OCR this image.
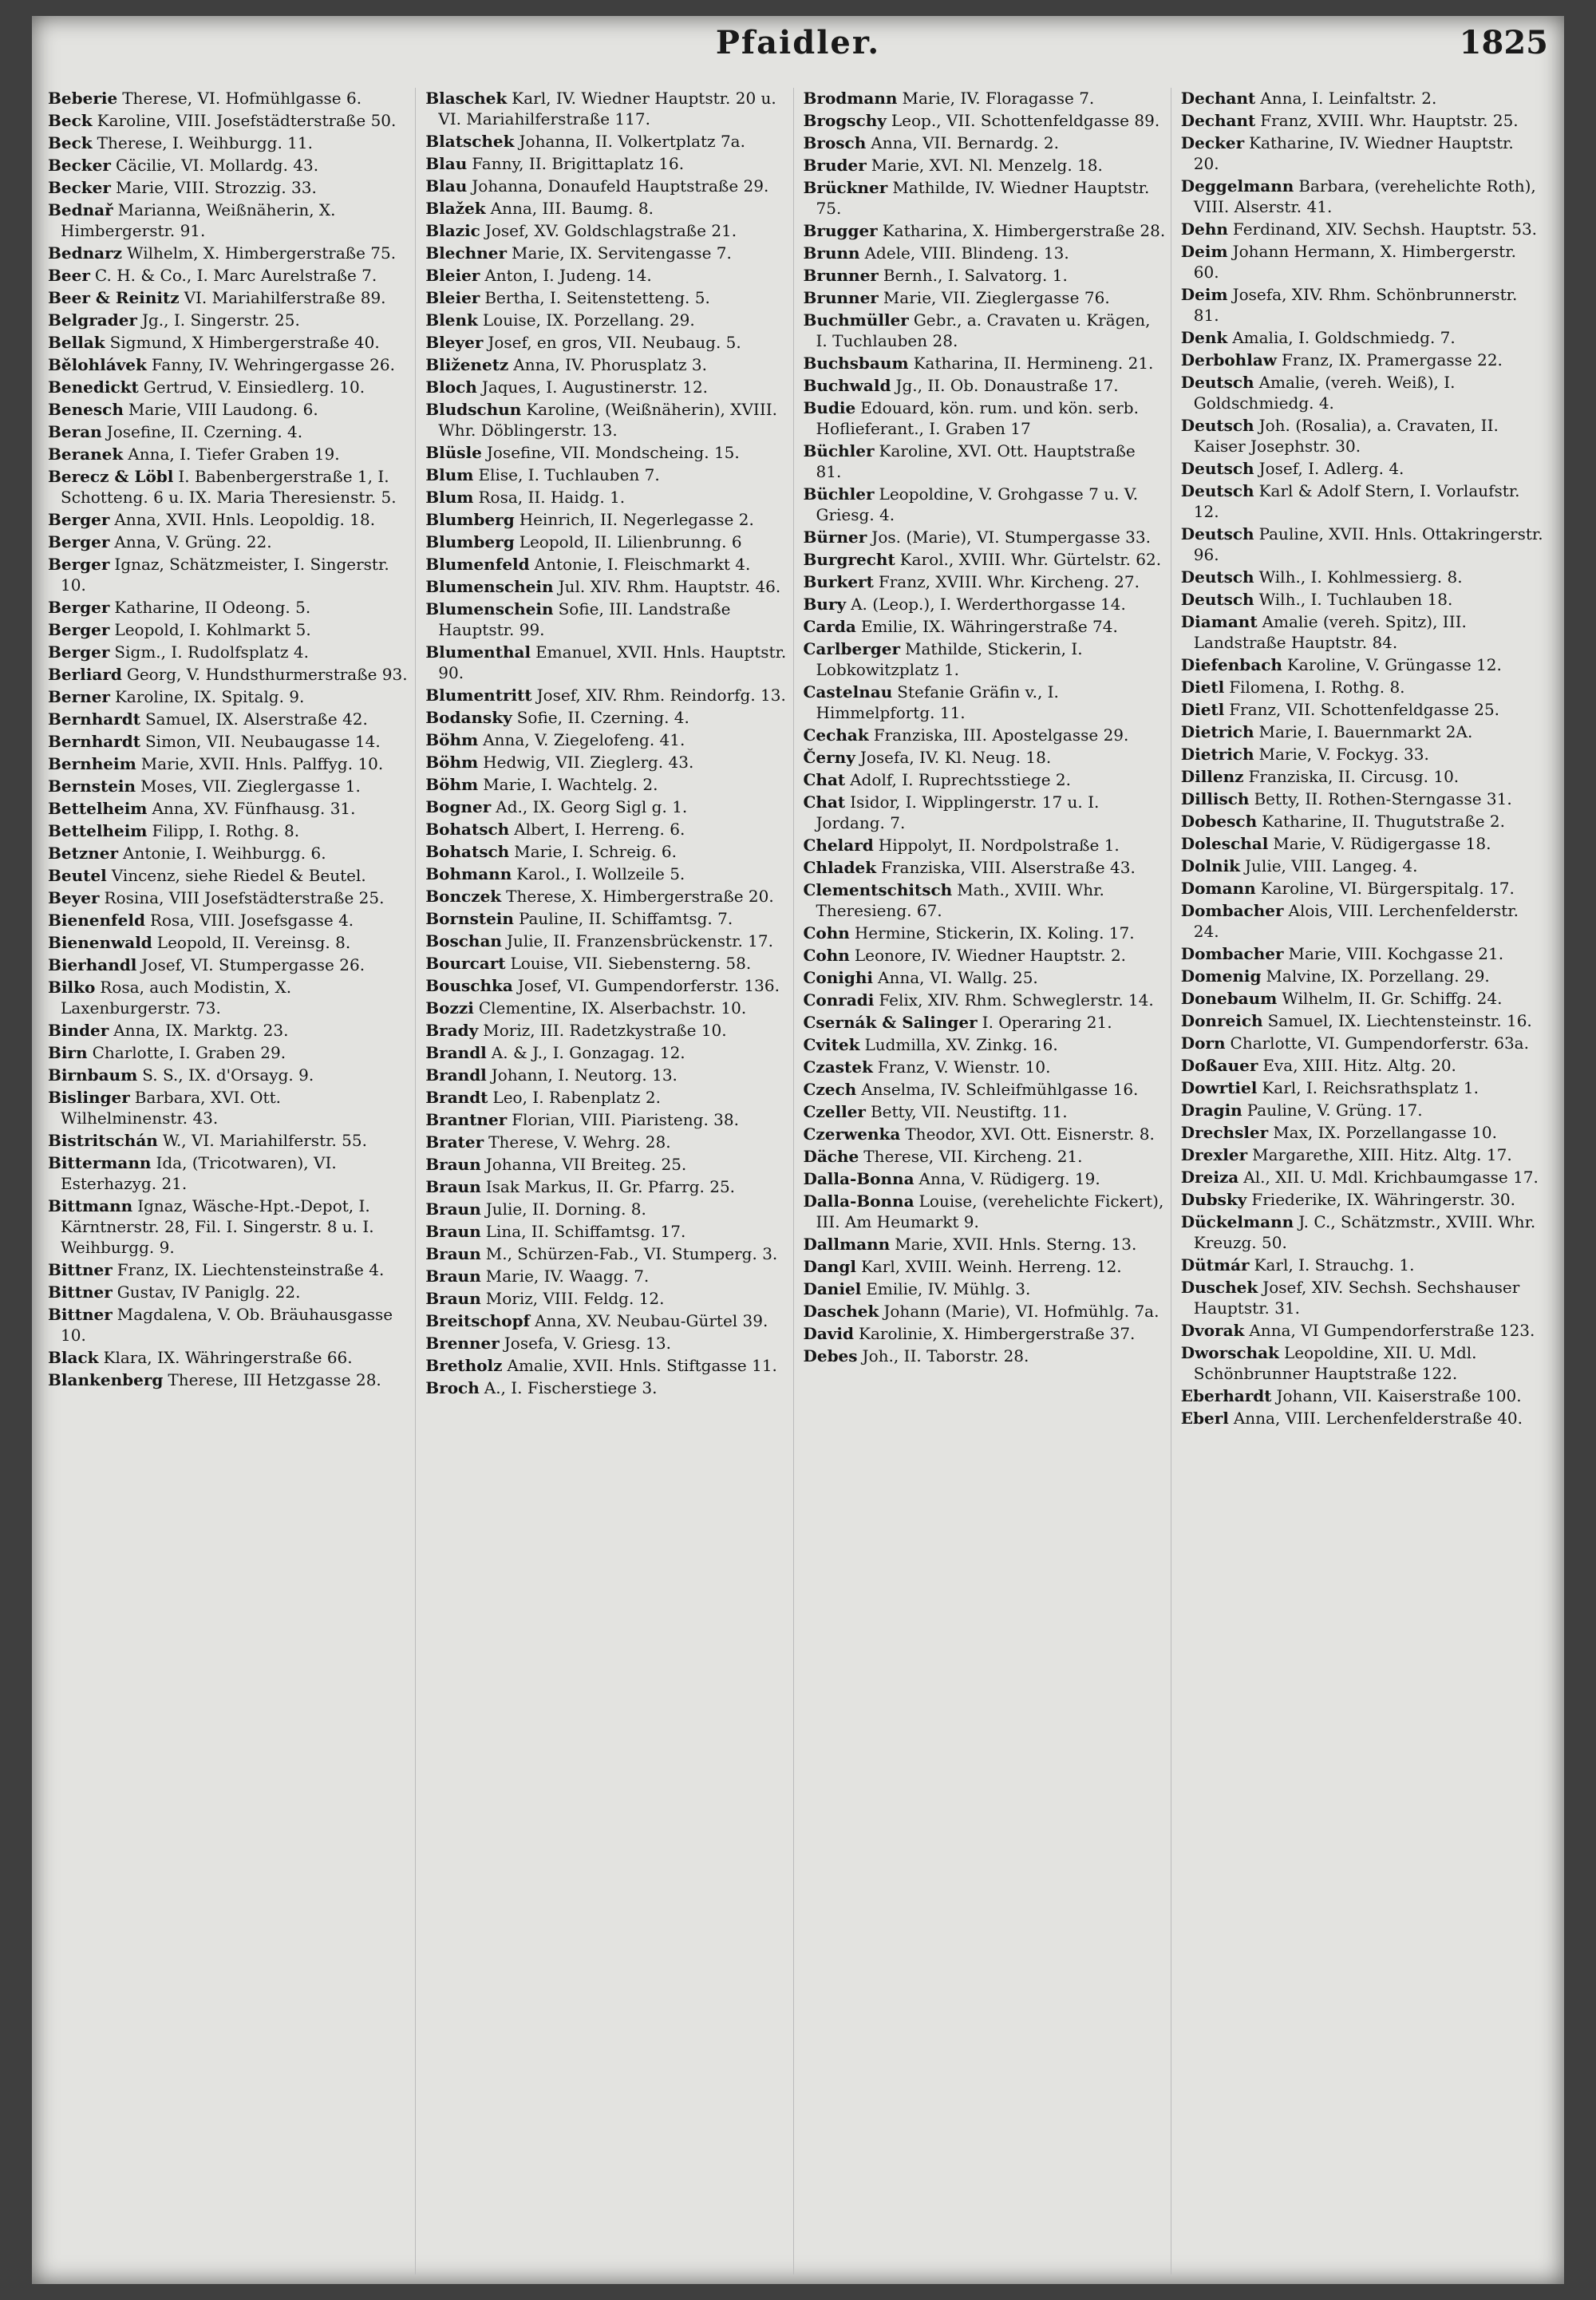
Pfaidler.	1825
Beberie Therese, VI. Hofmühlgasse 6.
Beck Karoline, VIII. Josefstädterstraße 50.
Beck Therese, I. Weihburgg. 11.
Becker Cäcilie, VI. Mollardg. 43.
Becker Marie, VIII. Strozzig. 33.
Bednař Marianna, Weißnäherin, X. Himbergerstr. 91.
Bednarz Wilhelm, X. Himbergerstraße 75.
Beer C. H. & Co., I. Marc Aurelstraße 7.
Beer & Reinitz VI. Mariahilferstraße 89.
Belgrader Jg., I. Singerstr. 25.
Bellak Sigmund, X Himbergerstraße 40.
Bělohlávek Fanny, IV. Wehringergasse 26.
Benedickt Gertrud, V. Einsiedlerg. 10.
Benesch Marie, VIII Laudong. 6.
Beran Josefine, II. Czerning. 4.
Beranek Anna, I. Tiefer Graben 19.
Berecz & Löbl I. Babenbergerstraße 1, I. Schotteng. 6 u. IX. Maria Theresienstr. 5.
Berger Anna, XVII. Hnls. Leopoldig. 18.
Berger Anna, V. Grüng. 22.
Berger Ignaz, Schätzmeister, I. Singerstr. 10.
Berger Katharine, II Odeong. 5.
Berger Leopold, I. Kohlmarkt 5.
Berger Sigm., I. Rudolfsplatz 4.
Berliard Georg, V. Hundsthurmerstraße 93.
Berner Karoline, IX. Spitalg. 9.
Bernhardt Samuel, IX. Alserstraße 42.
Bernhardt Simon, VII. Neubaugasse 14.
Bernheim Marie, XVII. Hnls. Palffyg. 10.
Bernstein Moses, VII. Zieglergasse 1.
Bettelheim Anna, XV. Fünfhausg. 31.
Bettelheim Filipp, I. Rothg. 8.
Betzner Antonie, I. Weihburgg. 6.
Beutel Vincenz, siehe Riedel & Beutel.
Beyer Rosina, VIII Josefstädterstraße 25.
Bienenfeld Rosa, VIII. Josefsgasse 4.
Bienenwald Leopold, II. Vereinsg. 8.
Bierhandl Josef, VI. Stumpergasse 26.
Bilko Rosa, auch Modistin, X. Laxenburgerstr. 73.
Binder Anna, IX. Marktg. 23.
Birn Charlotte, I. Graben 29.
Birnbaum S. S., IX. d'Orsayg. 9.
Bislinger Barbara, XVI. Ott. Wilhelminenstr. 43.
Bistritschán W., VI. Mariahilferstr. 55.
Bittermann Ida, (Tricotwaren), VI. Esterhazyg. 21.
Bittmann Ignaz, Wäsche-Hpt.-Depot, I. Kärntnerstr. 28, Fil. I. Singerstr. 8 u. I. Weihburgg. 9.
Bittner Franz, IX. Liechtensteinstraße 4.
Bittner Gustav, IV Paniglg. 22.
Bittner Magdalena, V. Ob. Bräuhausgasse 10.
Black Klara, IX. Währingerstraße 66.
Blankenberg Therese, III Hetzgasse 28.
Blaschek Karl, IV. Wiedner Hauptstr. 20 u. VI. Mariahilferstraße 117.
Blatschek Johanna, II. Volkertplatz 7a.
Blau Fanny, II. Brigittaplatz 16.
Blau Johanna, Donaufeld Hauptstraße 29.
Blažek Anna, III. Baumg. 8.
Blazic Josef, XV. Goldschlagstraße 21.
Blechner Marie, IX. Servitengasse 7.
Bleier Anton, I. Judeng. 14.
Bleier Bertha, I. Seitenstetteng. 5.
Blenk Louise, IX. Porzellang. 29.
Bleyer Josef, en gros, VII. Neubaug. 5.
Bliženetz Anna, IV. Phorusplatz 3.
Bloch Jaques, I. Augustinerstr. 12.
Bludschun Karoline, (Weißnäherin), XVIII. Whr. Döblingerstr. 13.
Blüsle Josefine, VII. Mondscheing. 15.
Blum Elise, I. Tuchlauben 7.
Blum Rosa, II. Haidg. 1.
Blumberg Heinrich, II. Negerlegasse 2.
Blumberg Leopold, II. Lilienbrunng. 6
Blumenfeld Antonie, I. Fleischmarkt 4.
Blumenschein Jul. XIV. Rhm. Hauptstr. 46.
Blumenschein Sofie, III. Landstraße Hauptstr. 99.
Blumenthal Emanuel, XVII. Hnls. Hauptstr. 90.
Blumentritt Josef, XIV. Rhm. Reindorfg. 13.
Bodansky Sofie, II. Czerning. 4.
Böhm Anna, V. Ziegelofeng. 41.
Böhm Hedwig, VII. Zieglerg. 43.
Böhm Marie, I. Wachtelg. 2.
Bogner Ad., IX. Georg Sigl g. 1.
Bohatsch Albert, I. Herreng. 6.
Bohatsch Marie, I. Schreig. 6.
Bohmann Karol., I. Wollzeile 5.
Bonczek Therese, X. Himbergerstraße 20.
Bornstein Pauline, II. Schiffamtsg. 7.
Boschan Julie, II. Franzensbrückenstr. 17.
Bourcart Louise, VII. Siebensterng. 58.
Bouschka Josef, VI. Gumpendorferstr. 136.
Bozzi Clementine, IX. Alserbachstr. 10.
Brady Moriz, III. Radetzkystraße 10.
Brandl A. & J., I. Gonzagag. 12.
Brandl Johann, I. Neutorg. 13.
Brandt Leo, I. Rabenplatz 2.
Brantner Florian, VIII. Piaristeng. 38.
Brater Therese, V. Wehrg. 28.
Braun Johanna, VII Breiteg. 25.
Braun Isak Markus, II. Gr. Pfarrg. 25.
Braun Julie, II. Dorning. 8.
Braun Lina, II. Schiffamtsg. 17.
Braun M., Schürzen-Fab., VI. Stumperg. 3.
Braun Marie, IV. Waagg. 7.
Braun Moriz, VIII. Feldg. 12.
Breitschopf Anna, XV. Neubau-Gürtel 39.
Brenner Josefa, V. Griesg. 13.
Bretholz Amalie, XVII. Hnls. Stiftgasse 11.
Broch A., I. Fischerstiege 3.
Brodmann Marie, IV. Floragasse 7.
Brogschy Leop., VII. Schottenfeldgasse 89.
Brosch Anna, VII. Bernardg. 2.
Bruder Marie, XVI. Nl. Menzelg. 18.
Brückner Mathilde, IV. Wiedner Hauptstr. 75.
Brugger Katharina, X. Himbergerstraße 28.
Brunn Adele, VIII. Blindeng. 13.
Brunner Bernh., I. Salvatorg. 1.
Brunner Marie, VII. Zieglergasse 76.
Buchmüller Gebr., a. Cravaten u. Krägen, I. Tuchlauben 28.
Buchsbaum Katharina, II. Hermineng. 21.
Buchwald Jg., II. Ob. Donaustraße 17.
Budie Edouard, kön. rum. und kön. serb. Hoflieferant., I. Graben 17
Büchler Karoline, XVI. Ott. Hauptstraße 81.
Büchler Leopoldine, V. Grohgasse 7 u. V. Griesg. 4.
Bürner Jos. (Marie), VI. Stumpergasse 33.
Burgrecht Karol., XVIII. Whr. Gürtelstr. 62.
Burkert Franz, XVIII. Whr. Kircheng. 27.
Bury A. (Leop.), I. Werderthorgasse 14.
Carda Emilie, IX. Währingerstraße 74.
Carlberger Mathilde, Stickerin, I. Lobkowitzplatz 1.
Castelnau Stefanie Gräfin v., I. Himmelpfortg. 11.
Cechak Franziska, III. Apostelgasse 29.
Černy Josefa, IV. Kl. Neug. 18.
Chat Adolf, I. Ruprechtsstiege 2.
Chat Isidor, I. Wipplingerstr. 17 u. I. Jordang. 7.
Chelard Hippolyt, II. Nordpolstraße 1.
Chladek Franziska, VIII. Alserstraße 43.
Clementschitsch Math., XVIII. Whr. Theresieng. 67.
Cohn Hermine, Stickerin, IX. Koling. 17.
Cohn Leonore, IV. Wiedner Hauptstr. 2.
Conighi Anna, VI. Wallg. 25.
Conradi Felix, XIV. Rhm. Schweglerstr. 14.
Csernák & Salinger I. Operaring 21.
Cvitek Ludmilla, XV. Zinkg. 16.
Czastek Franz, V. Wienstr. 10.
Czech Anselma, IV. Schleifmühlgasse 16.
Czeller Betty, VII. Neustiftg. 11.
Czerwenka Theodor, XVI. Ott. Eisnerstr. 8.
Däche Therese, VII. Kircheng. 21.
Dalla-Bonna Anna, V. Rüdigerg. 19.
Dalla-Bonna Louise, (verehelichte Fickert), III. Am Heumarkt 9.
Dallmann Marie, XVII. Hnls. Sterng. 13.
Dangl Karl, XVIII. Weinh. Herreng. 12.
Daniel Emilie, IV. Mühlg. 3.
Daschek Johann (Marie), VI. Hofmühlg. 7a.
David Karolinie, X. Himbergerstraße 37.
Debes Joh., II. Taborstr. 28.
Dechant Anna, I. Leinfaltstr. 2.
Dechant Franz, XVIII. Whr. Hauptstr. 25.
Decker Katharine, IV. Wiedner Hauptstr. 20.
Deggelmann Barbara, (verehelichte Roth), VIII. Alserstr. 41.
Dehn Ferdinand, XIV. Sechsh. Hauptstr. 53.
Deim Johann Hermann, X. Himbergerstr. 60.
Deim Josefa, XIV. Rhm. Schönbrunnerstr. 81.
Denk Amalia, I. Goldschmiedg. 7.
Derbohlaw Franz, IX. Pramergasse 22.
Deutsch Amalie, (vereh. Weiß), I. Goldschmiedg. 4.
Deutsch Joh. (Rosalia), a. Cravaten, II. Kaiser Josephstr. 30.
Deutsch Josef, I. Adlerg. 4.
Deutsch Karl & Adolf Stern, I. Vorlaufstr. 12.
Deutsch Pauline, XVII. Hnls. Ottakringerstr. 96.
Deutsch Wilh., I. Kohlmessierg. 8.
Deutsch Wilh., I. Tuchlauben 18.
Diamant Amalie (vereh. Spitz), III. Landstraße Hauptstr. 84.
Diefenbach Karoline, V. Grüngasse 12.
Dietl Filomena, I. Rothg. 8.
Dietl Franz, VII. Schottenfeldgasse 25.
Dietrich Marie, I. Bauernmarkt 2A.
Dietrich Marie, V. Fockyg. 33.
Dillenz Franziska, II. Circusg. 10.
Dillisch Betty, II. Rothen-Sterngasse 31.
Dobesch Katharine, II. Thugutstraße 2.
Doleschal Marie, V. Rüdigergasse 18.
Dolnik Julie, VIII. Langeg. 4.
Domann Karoline, VI. Bürgerspitalg. 17.
Dombacher Alois, VIII. Lerchenfelderstr. 24.
Dombacher Marie, VIII. Kochgasse 21.
Domenig Malvine, IX. Porzellang. 29.
Donebaum Wilhelm, II. Gr. Schiffg. 24.
Donreich Samuel, IX. Liechtensteinstr. 16.
Dorn Charlotte, VI. Gumpendorferstr. 63a.
Doßauer Eva, XIII. Hitz. Altg. 20.
Dowrtiel Karl, I. Reichsrathsplatz 1.
Dragin Pauline, V. Grüng. 17.
Drechsler Max, IX. Porzellangasse 10.
Drexler Margarethe, XIII. Hitz. Altg. 17.
Dreiza Al., XII. U. Mdl. Krichbaumgasse 17.
Dubsky Friederike, IX. Währingerstr. 30.
Dückelmann J. C., Schätzmstr., XVIII. Whr. Kreuzg. 50.
Dütmár Karl, I. Strauchg. 1.
Duschek Josef, XIV. Sechsh. Sechshauser Hauptstr. 31.
Dvorak Anna, VI Gumpendorferstraße 123.
Dworschak Leopoldine, XII. U. Mdl. Schönbrunner Hauptstraße 122.
Eberhardt Johann, VII. Kaiserstraße 100.
Eberl Anna, VIII. Lerchenfelderstraße 40.
